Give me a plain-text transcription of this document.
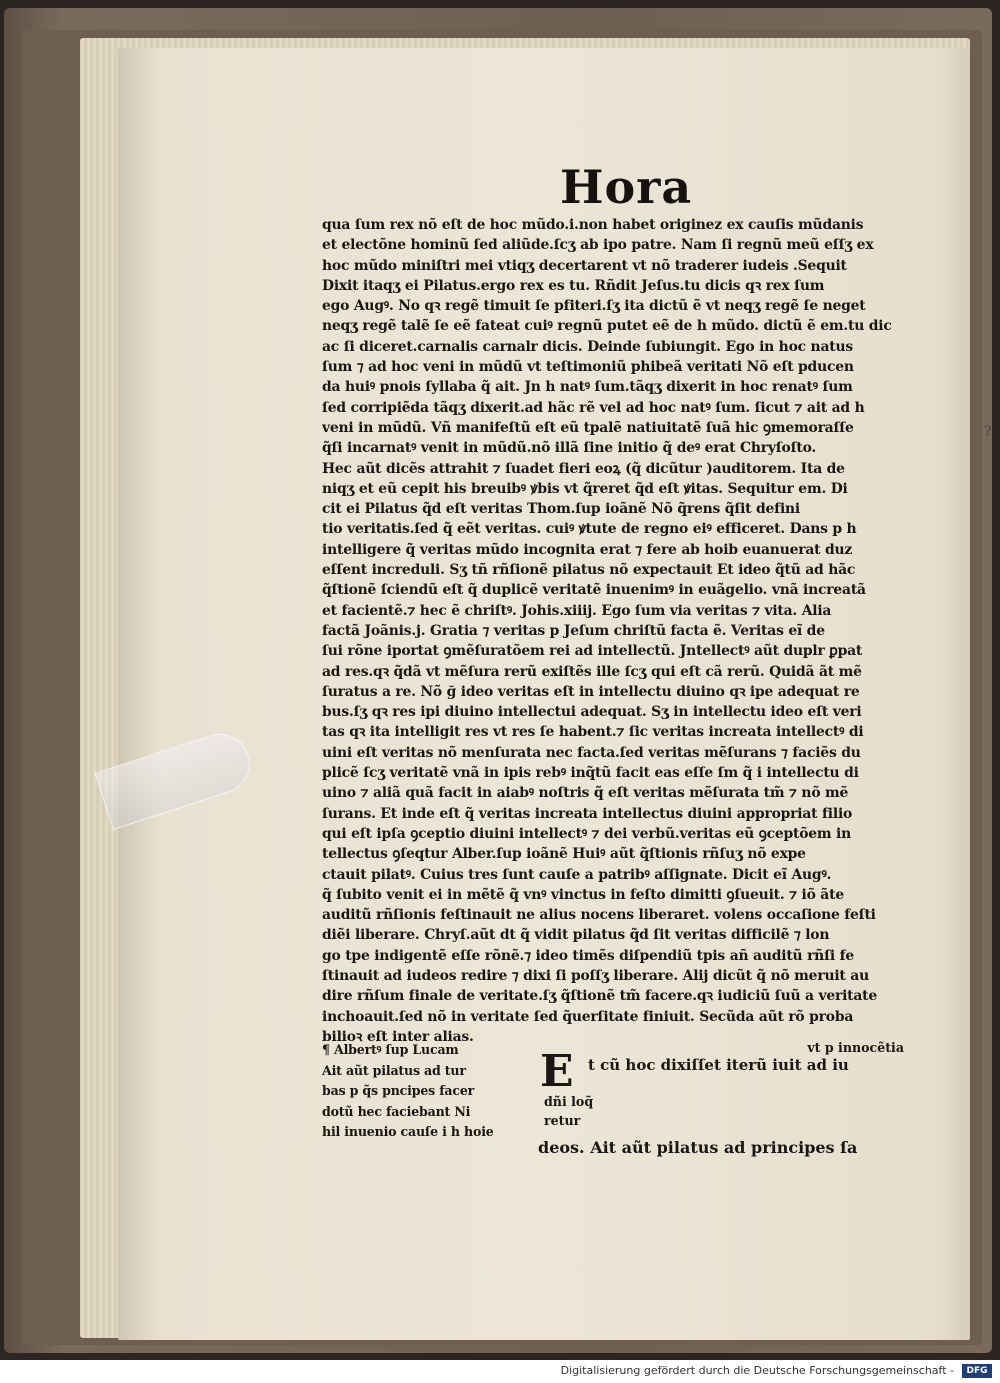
Hora
qua ſum rex nõ eſt de hoc mũdo.i.non habet originez ex cauſis mũdanis
et electõne hominũ ſed aliũde.ſcʒ ab ipo patre. Nam ſi regnũ meũ eſſʒ ex
hoc mũdo miniſtri mei vtiqʒ decertarent vt nõ traderer iudeis .Sequit
Dixit itaqʒ ei Pilatus.ergo rex es tu. Rñdit Jeſus.tu dicis qꝛ rex ſum
ego Augꝰ. No qꝛ regẽ timuit ſe pfiteri.ſʒ ita dictũ ẽ vt neqʒ regẽ ſe neget
neqʒ regẽ talẽ ſe eẽ fateat cuiꝰ regnũ putet eẽ de h mũdo. dictũ ẽ em.tu dic
ac ſi diceret.carnalis carnalr dicis. Deinde ſubiungit. Ego in hoc natus
ſum ⁊ ad hoc veni in mũdũ vt teſtimoniũ phibeã veritati Nõ eſt pducen
da huiꝰ pnois ſyllaba q̃ ait. Jn h natꝰ ſum.tãqʒ dixerit in hoc renatꝰ ſum
ſed corripiẽda tãqʒ dixerit.ad hãc rẽ vel ad hoc natꝰ ſum. ſicut ⁊ ait ad h
veni in mũdũ. Vñ manifeſtũ eſt eũ tpalẽ natiuitatẽ ſuã hic ꝯmemoraſſe
q̃ſi incarnatꝰ venit in mũdũ.nõ illã ſine initio q̃ deꝰ erat Chryſoſto.
Hec aũt dicẽs attrahit ⁊ ſuadet fieri eoꝝ (q̃ dicũtur )auditorem. Ita de
niqʒ et eũ cepit his breuibꝰ ꝟbis vt q̃reret q̃d eſt ꝟitas. Sequitur em. Di
cit ei Pilatus q̃d eſt veritas Thom.ſup ioãnẽ Nõ q̃rens q̃ſit defini
tio veritatis.ſed q̃ eẽt veritas. cuiꝰ ꝟtute de regno eiꝰ efficeret. Dans p h
intelligere q̃ veritas mũdo incognita erat ⁊ fere ab hoib euanuerat duz
eſſent increduli. Sʒ tñ rñſionẽ pilatus nõ expectauit Et ideo q̃tũ ad hãc
q̃ſtionẽ ſciendũ eſt q̃ duplicẽ veritatẽ inuenimꝰ in euãgelio. vnã increatã
et facientẽ.⁊ hec ẽ chriſtꝰ. Johis.xiiij. Ego ſum via veritas ⁊ vita. Alia
factã Joãnis.j. Gratia ⁊ veritas p Jeſum chriſtũ facta ẽ. Veritas eĩ de
ſui rõne iportat ꝯmẽſuratõem rei ad intellectũ. Jntellectꝰ aũt duplr ꝑpat
ad res.qꝛ q̃dã vt mẽſura rerũ exiſtẽs ille ſcʒ qui eſt cã rerũ. Quidã ãt mẽ
ſuratus a re. Nõ ğ ideo veritas eſt in intellectu diuino qꝛ ipe adequat re
bus.ſʒ qꝛ res ipi diuino intellectui adequat. Sʒ in intellectu ideo eſt veri
tas qꝛ ita intelligit res vt res ſe habent.⁊ ſic veritas increata intellectꝰ di
uini eſt veritas nõ menſurata nec facta.ſed veritas mẽſurans ⁊ faciẽs du
plicẽ ſcʒ veritatẽ vnã in ipis rebꝰ inq̃tũ facit eas eſſe ſm q̃ i intellectu di
uino ⁊ aliã quã facit in aiabꝰ noſtris q̃ eſt veritas mẽſurata tm̃ ⁊ nõ mẽ
ſurans. Et inde eſt q̃ veritas increata intellectus diuini appropriat filio
qui eſt ipſa ꝯceptio diuini intellectꝰ ⁊ dei verbũ.veritas eũ ꝯceptõem in
tellectus ꝯſeqtur Alber.ſup ioãnẽ Huiꝰ aũt q̃ſtionis rñſuʒ nõ expe
ctauit pilatꝰ. Cuius tres ſunt cauſe a patribꝰ aſſignate. Dicit eĩ Augꝰ.
q̃ ſubito venit ei in mẽtẽ q̃ vnꝰ vinctus in feſto dimitti ꝯſueuit. ⁊ iõ ãte
auditũ rñſionis feſtinauit ne alius nocens liberaret. volens occaſione feſti
diẽi liberare. Chryſ.aũt dt q̃ vidit pilatus q̃d ſit veritas difficilẽ ⁊ lon
go tpe indigentẽ eſſe rõnẽ.⁊ ideo timẽs diſpendiũ tpis añ auditũ rñſi fe
ſtinauit ad iudeos redire ⁊ dixi ſi poſſʒ liberare. Alij dicũt q̃ nõ meruit au
dire rñſum finale de veritate.ſʒ q̃ſtionẽ tm̃ facere.qꝛ iudiciũ ſuũ a veritate
inchoauit.ſed nõ in veritate ſed q̃uerſitate finiuit. Secũda aũt rõ proba
bilioꝛ eſt inter alias.
¶ Albertꝰ ſup Lucam
Ait aũt pilatus ad tur
bas p q̃s pncipes facer
dotũ hec faciebant Ni
hil inuenio cauſe i h hoie
vt p innocẽtia
E t cũ hoc dixiſſet iterũ iuit ad iu
dñi loq̃
retur
deos. Ait aũt pilatus ad principes ſa
?
Digitalisierung gefördert durch die Deutsche Forschungsgemeinschaft -	DFG
